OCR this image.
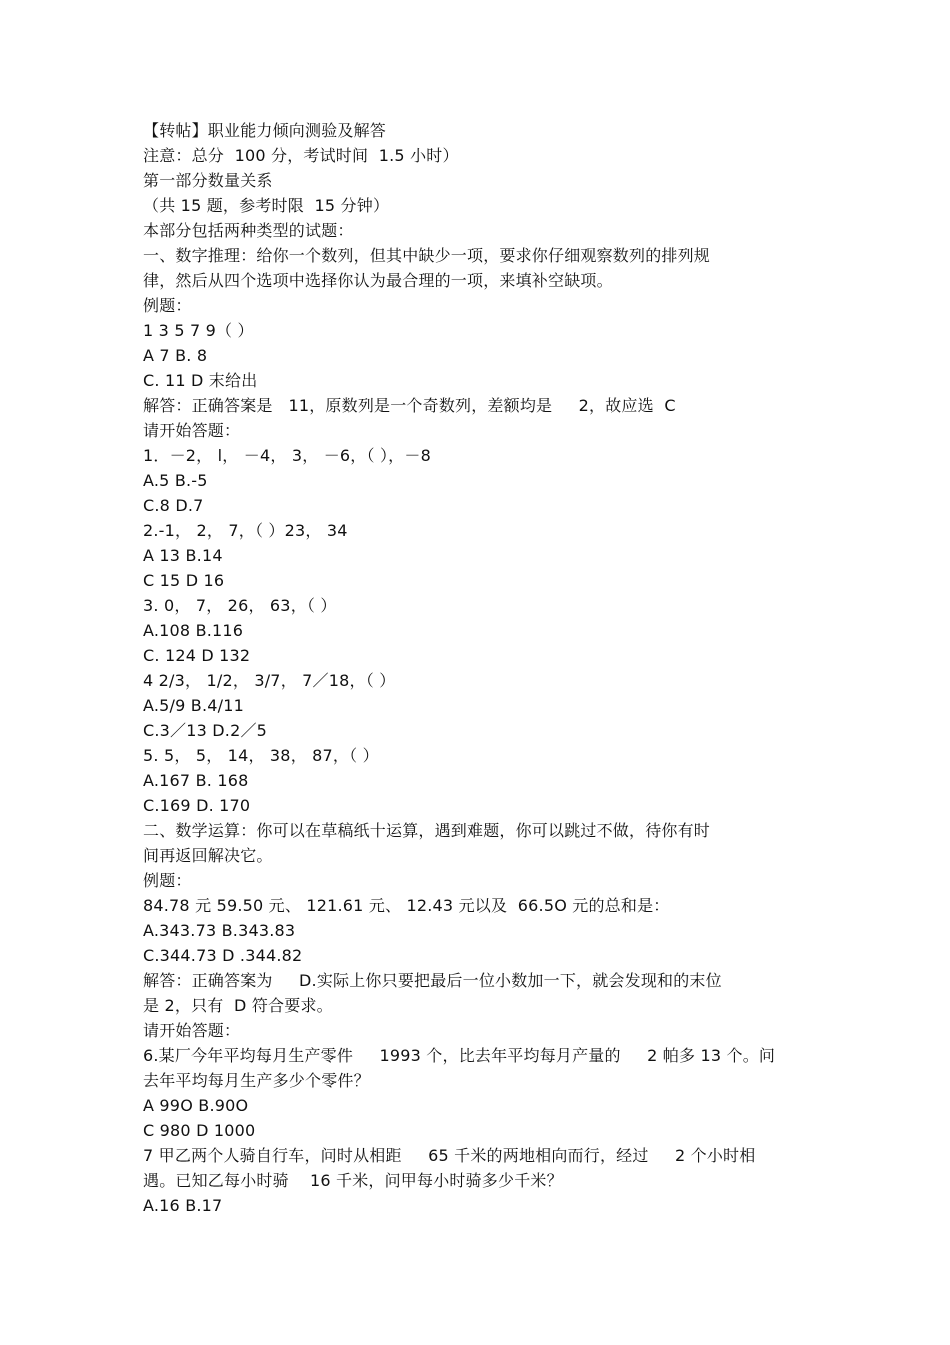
【转帖】职业能力倾向测验及解答

注意：总分  100 分，考试时间  1.5 小时）

第一部分数量关系

（共 15 题，参考时限  15 分钟）

本部分包括两种类型的试题：

一、数字推理：给你一个数列，但其中缺少一项，要求你仔细观察数列的排列规

律，然后从四个选项中选择你认为最合理的一项，来填补空缺项。

例题：

1 3 5 7 9（ ）

A 7 B. 8

C. 11 D 末给出

解答：正确答案是   11，原数列是一个奇数列，差额均是     2，故应选  C

请开始答题：

1．－2， l， －4， 3， －6，（ ），－8

A.5 B.-5

C.8 D.7

2.-1， 2， 7，（ ）23， 34

A 13 B.14

C 15 D 16

3. 0， 7， 26， 63，（ ）

A.108 B.116

C. 124 D 132

4 2/3， 1/2， 3/7， 7／18，（ ）

A.5/9 B.4/11

C.3／13 D.2／5

5. 5， 5， 14， 38， 87，（ ）

A.167 B. 168

C.169 D. 170

二、数学运算：你可以在草稿纸十运算，遇到难题，你可以跳过不做，待你有时

间再返回解决它。

例题：

84.78 元 59.50 元、 121.61 元、 12.43 元以及  66.5O 元的总和是：

A.343.73 B.343.83

C.344.73 D .344.82

解答：正确答案为     D.实际上你只要把最后一位小数加一下，就会发现和的末位

是 2，只有  D 符合要求。

请开始答题：

6.某厂今年平均每月生产零件     1993 个，比去年平均每月产量的     2 帕多 13 个。问

去年平均每月生产多少个零件？

A 99O B.90O

C 980 D 1000

7 甲乙两个人骑自行车，问时从相距     65 千米的两地相向而行，经过     2 个小时相

遇。已知乙每小时骑    16 千米，问甲每小时骑多少千米？

A.16 B.17
